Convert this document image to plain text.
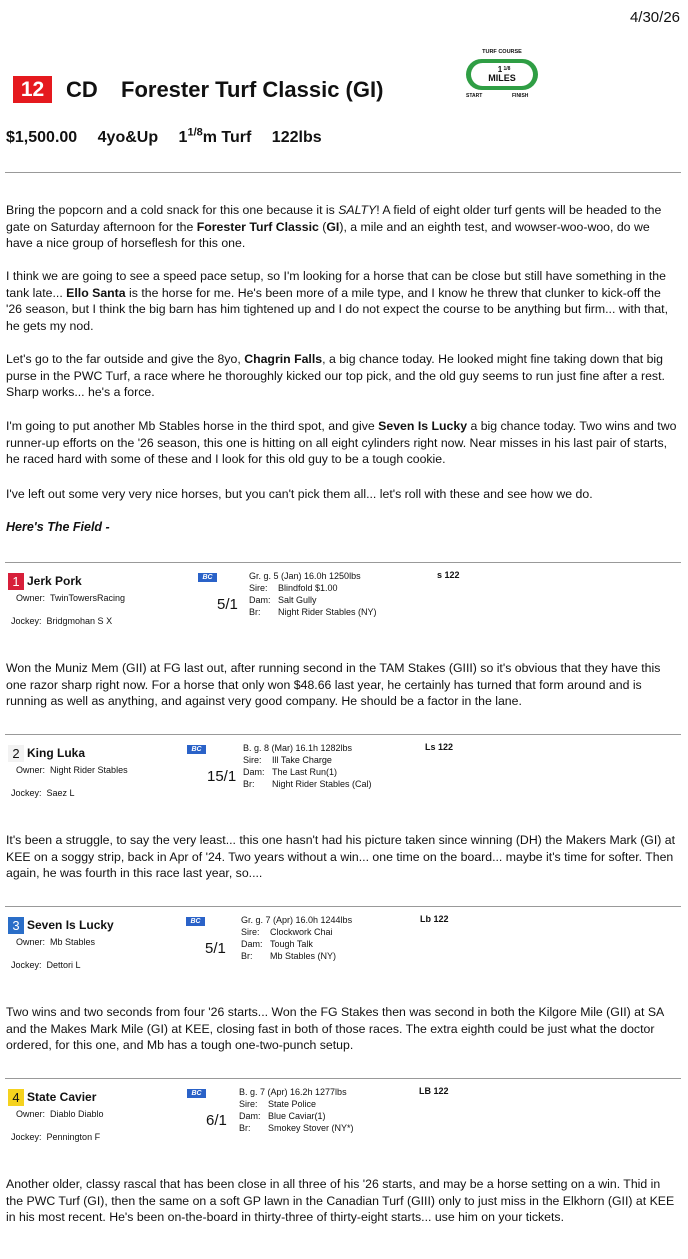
4/30/26
12 CD Forester Turf Classic (GI)
TURF COURSE
1 1/8
MILES
START	FINISH
$1,500.00 4yo&Up $1^{1/8}m$ Turf 122lbs

Bring the popcorn and a cold snack for this one because it is SALTY! A field of eight older turf gents will be headed to the gate on Saturday afternoon for the Forester Turf Classic (GI), a mile and an eighth test, and wowser-woo-woo, do we have a nice group of horseflesh for this one.

I think we are going to see a speed pace setup, so I'm looking for a horse that can be close but still have something in the tank late... Ello Santa is the horse for me. He's been more of a mile type, and I know he threw that clunker to kick-off the '26 season, but I think the big barn has him tightened up and I do not expect the course to be anything but firm... with that, he gets my nod.

Let's go to the far outside and give the 8yo, Chagrin Falls, a big chance today. He looked might fine taking down that big purse in the PWC Turf, a race where he thoroughly kicked our top pick, and the old guy seems to run just fine after a rest. Sharp works... he's a force.

I'm going to put another Mb Stables horse in the third spot, and give Seven Is Lucky a big chance today. Two wins and two runner-up efforts on the '26 season, this one is hitting on all eight cylinders right now. Near misses in his last pair of starts, he raced hard with some of these and I look for this old guy to be a tough cookie.

I've left out some very very nice horses, but you can't pick them all... let's roll with these and see how we do.

Here's The Field -
1 Jerk Pork
Owner: TwinTowersRacing
Jockey: Bridgmohan S X
BC
5/1
Gr. g. 5 (Jan) 16.0h 1250lbs
Sire: Blindfold $1.00
Dam: Salt Gully
Br: Night Rider Stables (NY)
s 122

Won the Muniz Mem (GII) at FG last out, after running second in the TAM Stakes (GIII) so it's obvious that they have this one razor sharp right now. For a horse that only won $48.66 last year, he certainly has turned that form around and is running as well as anything, and against very good company. He should be a factor in the lane.

2 King Luka
Owner: Night Rider Stables
Jockey: Saez L
BC
15/1
B. g. 8 (Mar) 16.1h 1282lbs
Sire: Ill Take Charge
Dam: The Last Run(1)
Br: Night Rider Stables (Cal)
Ls 122

It's been a struggle, to say the very least... this one hasn't had his picture taken since winning (DH) the Makers Mark (GI) at KEE on a soggy strip, back in Apr of '24. Two years without a win... one time on the board... maybe it's time for softer. Then again, he was fourth in this race last year, so....

3 Seven Is Lucky
Owner: Mb Stables
Jockey: Dettori L
BC
5/1
Gr. g. 7 (Apr) 16.0h 1244lbs
Sire: Clockwork Chai
Dam: Tough Talk
Br: Mb Stables (NY)
Lb 122

Two wins and two seconds from four '26 starts... Won the FG Stakes then was second in both the Kilgore Mile (GII) at SA and the Makes Mark Mile (GI) at KEE, closing fast in both of those races. The extra eighth could be just what the doctor ordered, for this one, and Mb has a tough one-two-punch setup.

4 State Cavier
Owner: Diablo Diablo
Jockey: Pennington F
BC
6/1
B. g. 7 (Apr) 16.2h 1277lbs
Sire: State Police
Dam: Blue Caviar(1)
Br: Smokey Stover (NY*)
LB 122

Another older, classy rascal that has been close in all three of his '26 starts, and may be a horse setting on a win. Thid in the PWC Turf (GI), then the same on a soft GP lawn in the Canadian Turf (GIII) only to just miss in the Elkhorn (GII) at KEE in his most recent. He's been on-the-board in thirty-three of thirty-eight starts... use him on your tickets.
